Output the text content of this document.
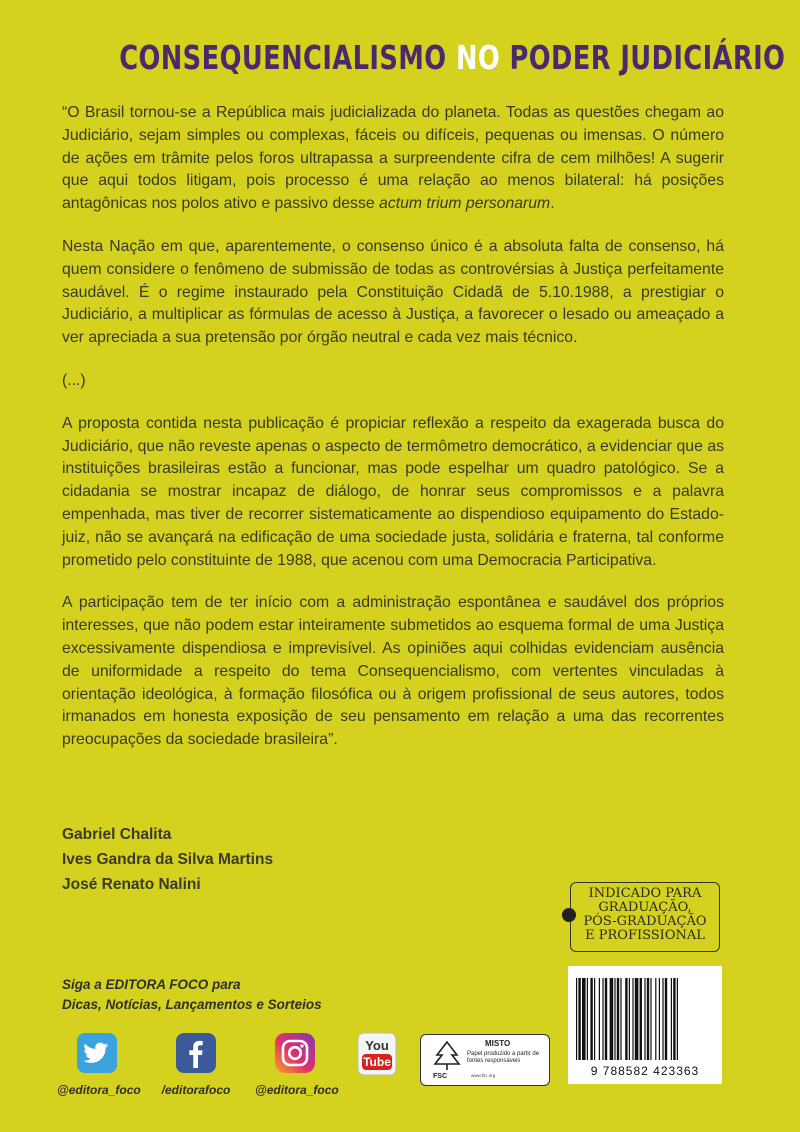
CONSEQUENCIALISMO NO PODER JUDICIÁRIO

“O Brasil tornou-se a República mais judicializada do planeta. Todas as questões chegam ao Judiciário, sejam simples ou complexas, fáceis ou difíceis, pequenas ou imensas. O número de ações em trâmite pelos foros ultrapassa a surpreendente cifra de cem milhões! A sugerir que aqui todos litigam, pois processo é uma relação ao menos bilateral: há posições antagônicas nos polos ativo e passivo desse actum trium personarum.

Nesta Nação em que, aparentemente, o consenso único é a absoluta falta de consenso, há quem considere o fenômeno de submissão de todas as controvérsias à Justiça perfeitamente saudável. É o regime instaurado pela Constituição Cidadã de 5.10.1988, a prestigiar o Judiciário, a multiplicar as fórmulas de acesso à Justiça, a favorecer o lesado ou ameaçado a ver apreciada a sua pretensão por órgão neutral e cada vez mais técnico.

(...)

A proposta contida nesta publicação é propiciar reflexão a respeito da exagerada busca do Judiciário, que não reveste apenas o aspecto de termômetro democrático, a evidenciar que as instituições brasileiras estão a funcionar, mas pode espelhar um quadro patológico. Se a cidadania se mostrar incapaz de diálogo, de honrar seus compromissos e a palavra empenhada, mas tiver de recorrer sistematicamente ao dispendioso equipamento do Estado-juiz, não se avançará na edificação de uma sociedade justa, solidária e fraterna, tal conforme prometido pelo constituinte de 1988, que acenou com uma Democracia Participativa.

A participação tem de ter início com a administração espontânea e saudável dos próprios interesses, que não podem estar inteiramente submetidos ao esquema formal de uma Justiça excessivamente dispendiosa e imprevisível. As opiniões aqui colhidas evidenciam ausência de uniformidade a respeito do tema Consequencialismo, com vertentes vinculadas à orientação ideológica, à formação filosófica ou à origem profissional de seus autores, todos irmanados em honesta exposição de seu pensamento em relação a uma das recorrentes preocupações da sociedade brasileira”.

Gabriel Chalita
Ives Gandra da Silva Martins
José Renato Nalini
INDICADO PARA
GRADUAÇÃO,
PÓS-GRADUAÇÃO
E PROFISSIONAL
9 788582 423363
Siga a EDITORA FOCO para
Dicas, Notícias, Lançamentos e Sorteios
@editora_foco	/editorafoco	@editora_foco
You
Tube
MISTO
Papel produzido a partir de fontes responsáveis
FSC	www.fsc.org
